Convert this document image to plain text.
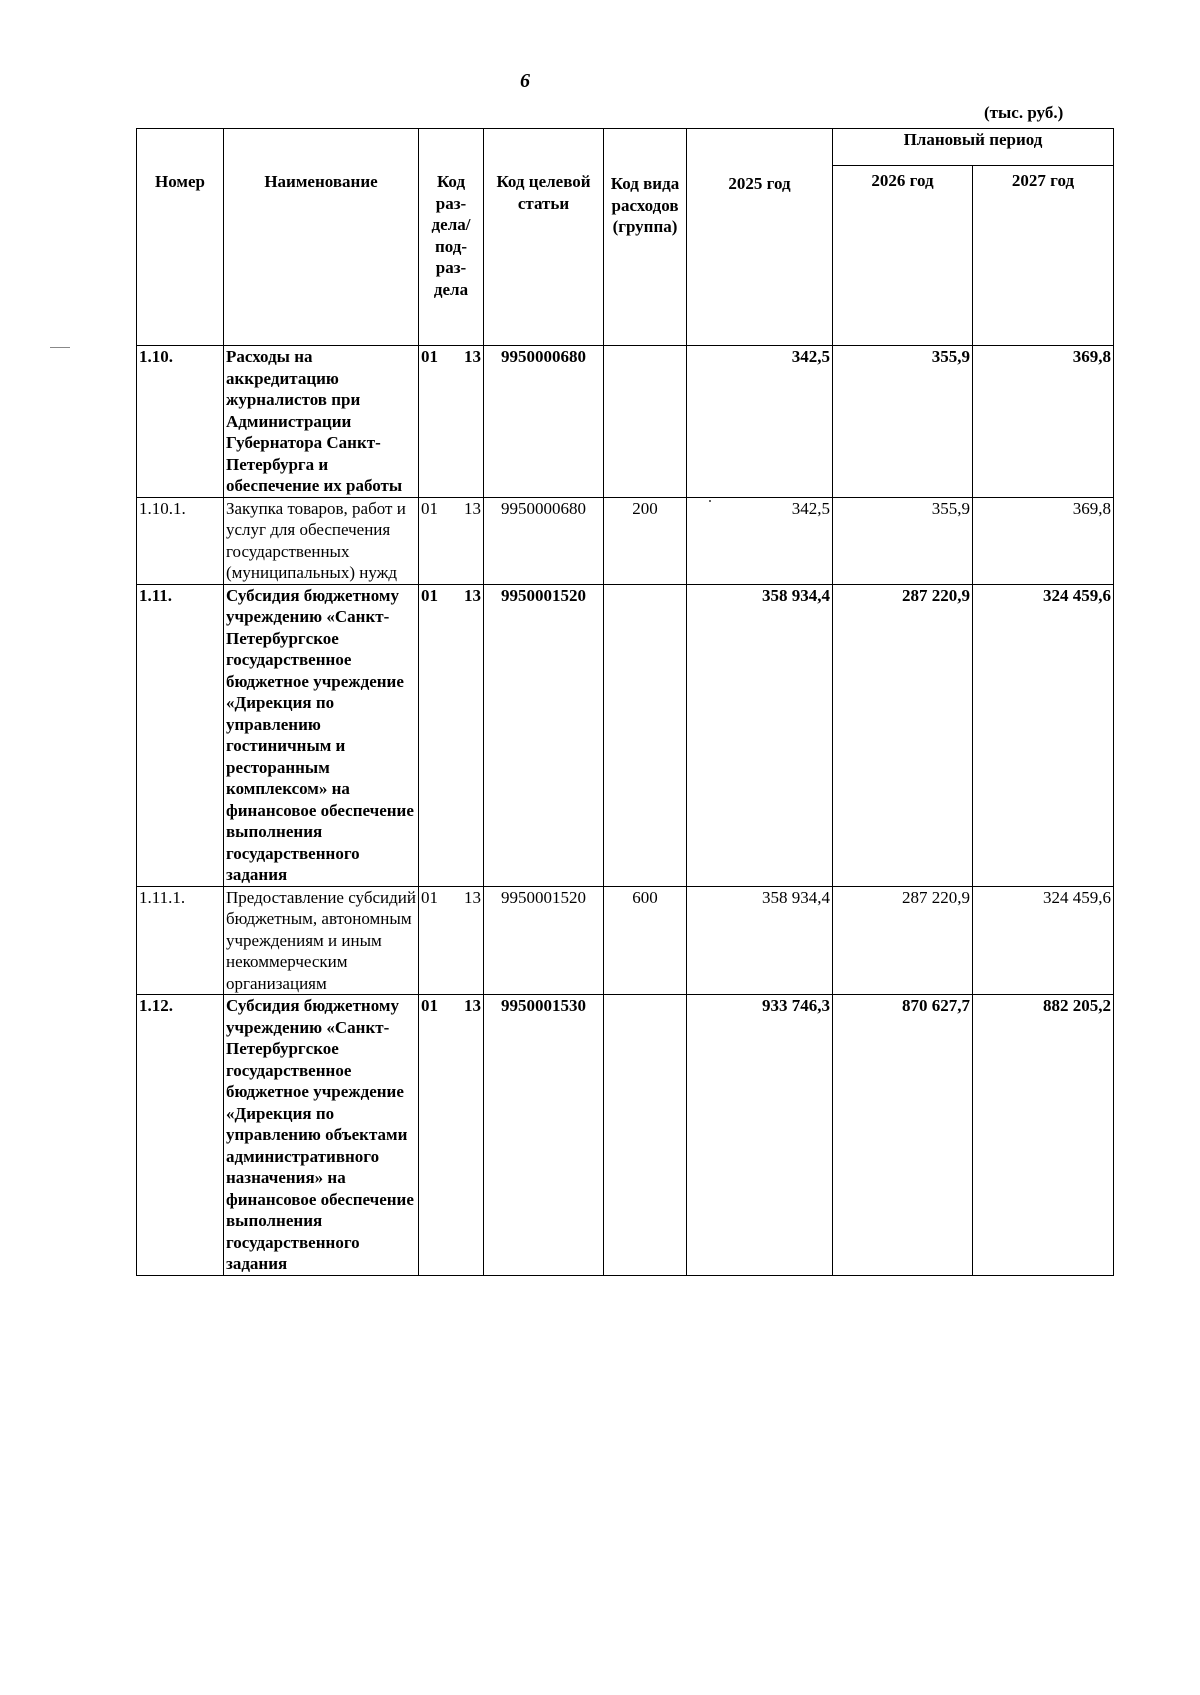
6
(тыс. руб.)
Номер	Наименование	Код раз-дела/ под-раз-дела	Код целевой статьи	Код вида расходов (группа)	2025 год	Плановый период	
						2026 год	2027 год
1.10.	Расходы на аккредитацию журналистов при Администрации Губернатора Санкт-Петербурга и обеспечение их работы	01 13	9950000680		342,5	355,9	369,8
1.10.1.	Закупка товаров, работ и услуг для обеспечения государственных (муниципальных) нужд	01 13	9950000680	200	342,5	355,9	369,8
1.11.	Субсидия бюджетному учреждению «Санкт-Петербургское государственное бюджетное учреждение «Дирекция по управлению гостиничным и ресторанным комплексом» на финансовое обеспечение выполнения государственного задания	01 13	9950001520		358 934,4	287 220,9	324 459,6
1.11.1.	Предоставление субсидий бюджетным, автономным учреждениям и иным некоммерческим организациям	01 13	9950001520	600	358 934,4	287 220,9	324 459,6
1.12.	Субсидия бюджетному учреждению «Санкт-Петербургское государственное бюджетное учреждение «Дирекция по управлению объектами административного назначения» на финансовое обеспечение выполнения государственного задания	01 13	9950001530		933 746,3	870 627,7	882 205,2
